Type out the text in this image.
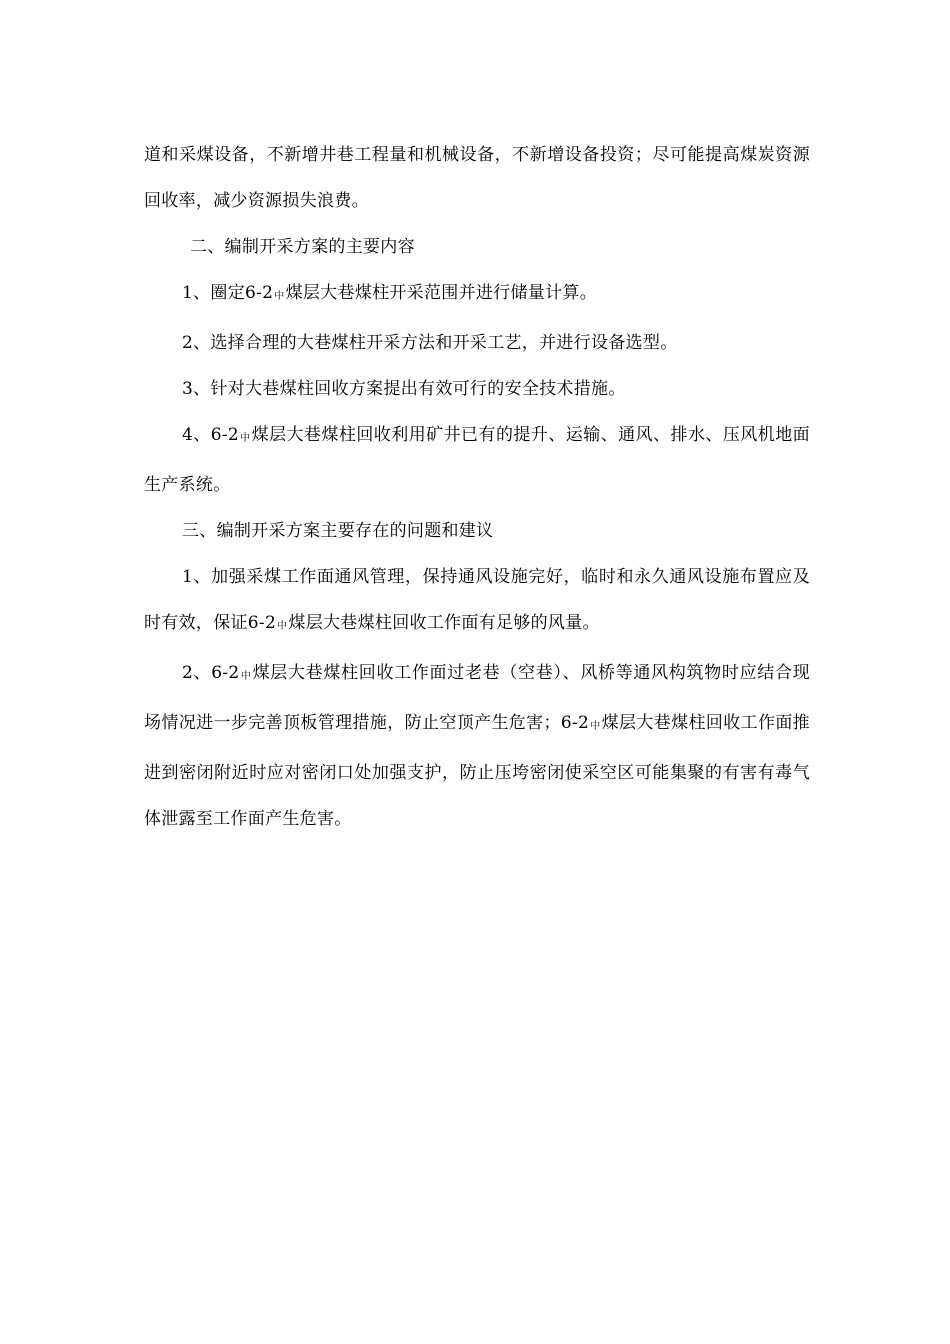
道和采煤设备，不新增井巷工程量和机械设备，不新增设备投资；尽可能提高煤炭资源回收率，减少资源损失浪费。

二、编制开采方案的主要内容

1、圈定6-2中煤层大巷煤柱开采范围并进行储量计算。

2、选择合理的大巷煤柱开采方法和开采工艺，并进行设备选型。

3、针对大巷煤柱回收方案提出有效可行的安全技术措施。

4、6-2中煤层大巷煤柱回收利用矿井已有的提升、运输、通风、排水、压风机地面生产系统。

三、编制开采方案主要存在的问题和建议

1、加强采煤工作面通风管理，保持通风设施完好，临时和永久通风设施布置应及时有效，保证6-2中煤层大巷煤柱回收工作面有足够的风量。

2、6-2中煤层大巷煤柱回收工作面过老巷（空巷）、风桥等通风构筑物时应结合现场情况进一步完善顶板管理措施，防止空顶产生危害；6-2中煤层大巷煤柱回收工作面推进到密闭附近时应对密闭口处加强支护，防止压垮密闭使采空区可能集聚的有害有毒气体泄露至工作面产生危害。
